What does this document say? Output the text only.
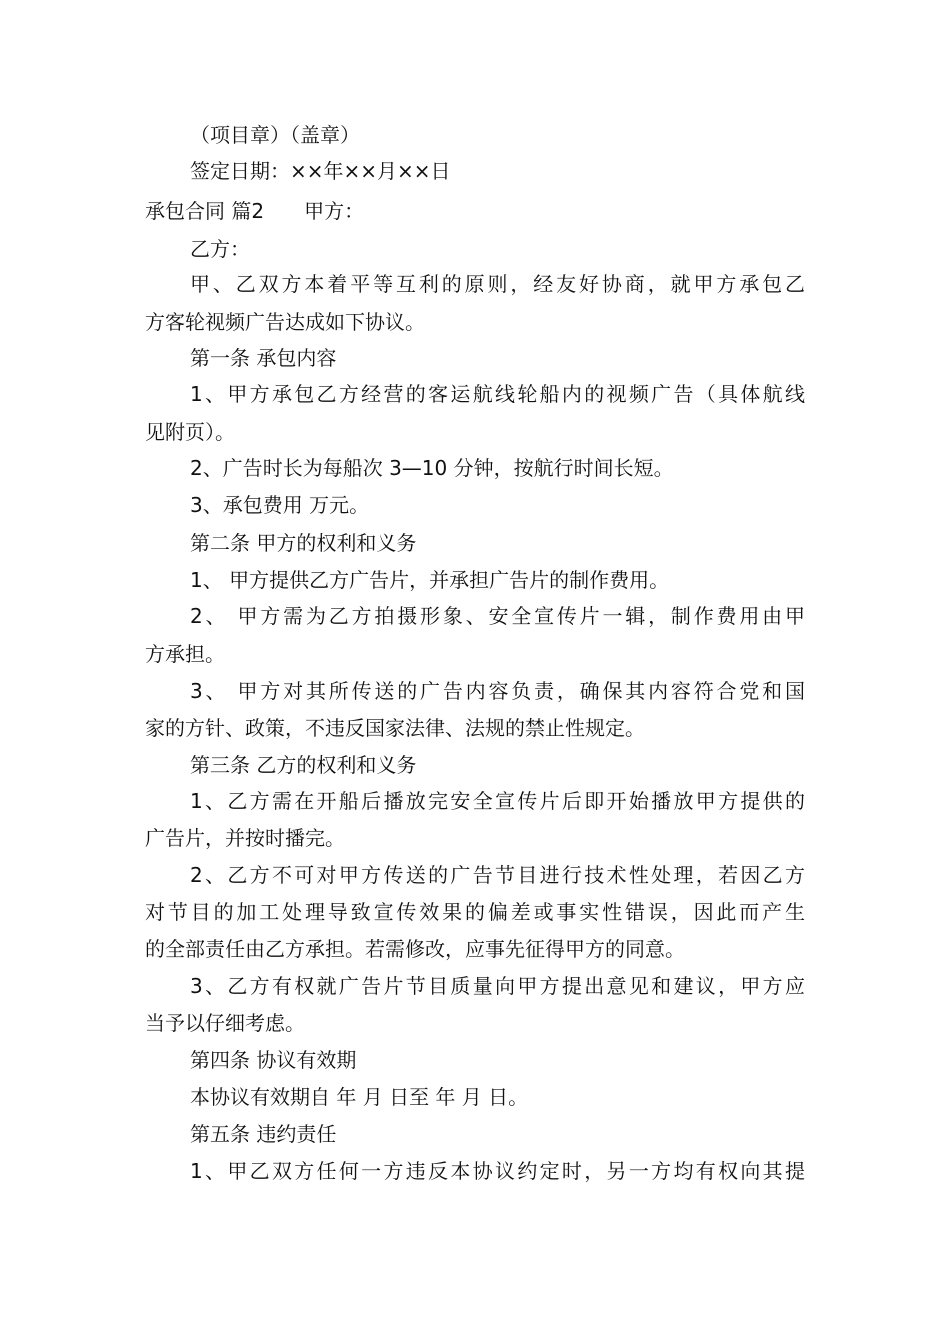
（项目章）（盖章）
签定日期：××年××月××日
承包合同 篇2　　甲方：
乙方：
甲、乙双方本着平等互利的原则，经友好协商，就甲方承包乙
方客轮视频广告达成如下协议。
第一条 承包内容
1、甲方承包乙方经营的客运航线轮船内的视频广告（具体航线
见附页）。
2、广告时长为每船次 3—10 分钟，按航行时间长短。
3、承包费用 万元。
第二条 甲方的权利和义务
1、 甲方提供乙方广告片，并承担广告片的制作费用。
2、 甲方需为乙方拍摄形象、安全宣传片一辑，制作费用由甲
方承担。
3、 甲方对其所传送的广告内容负责，确保其内容符合党和国
家的方针、政策，不违反国家法律、法规的禁止性规定。
第三条 乙方的权利和义务
1、乙方需在开船后播放完安全宣传片后即开始播放甲方提供的
广告片，并按时播完。
2、乙方不可对甲方传送的广告节目进行技术性处理，若因乙方
对节目的加工处理导致宣传效果的偏差或事实性错误，因此而产生
的全部责任由乙方承担。若需修改，应事先征得甲方的同意。
3、乙方有权就广告片节目质量向甲方提出意见和建议，甲方应
当予以仔细考虑。
第四条 协议有效期
本协议有效期自 年 月 日至 年 月 日。
第五条 违约责任
1、甲乙双方任何一方违反本协议约定时，另一方均有权向其提
